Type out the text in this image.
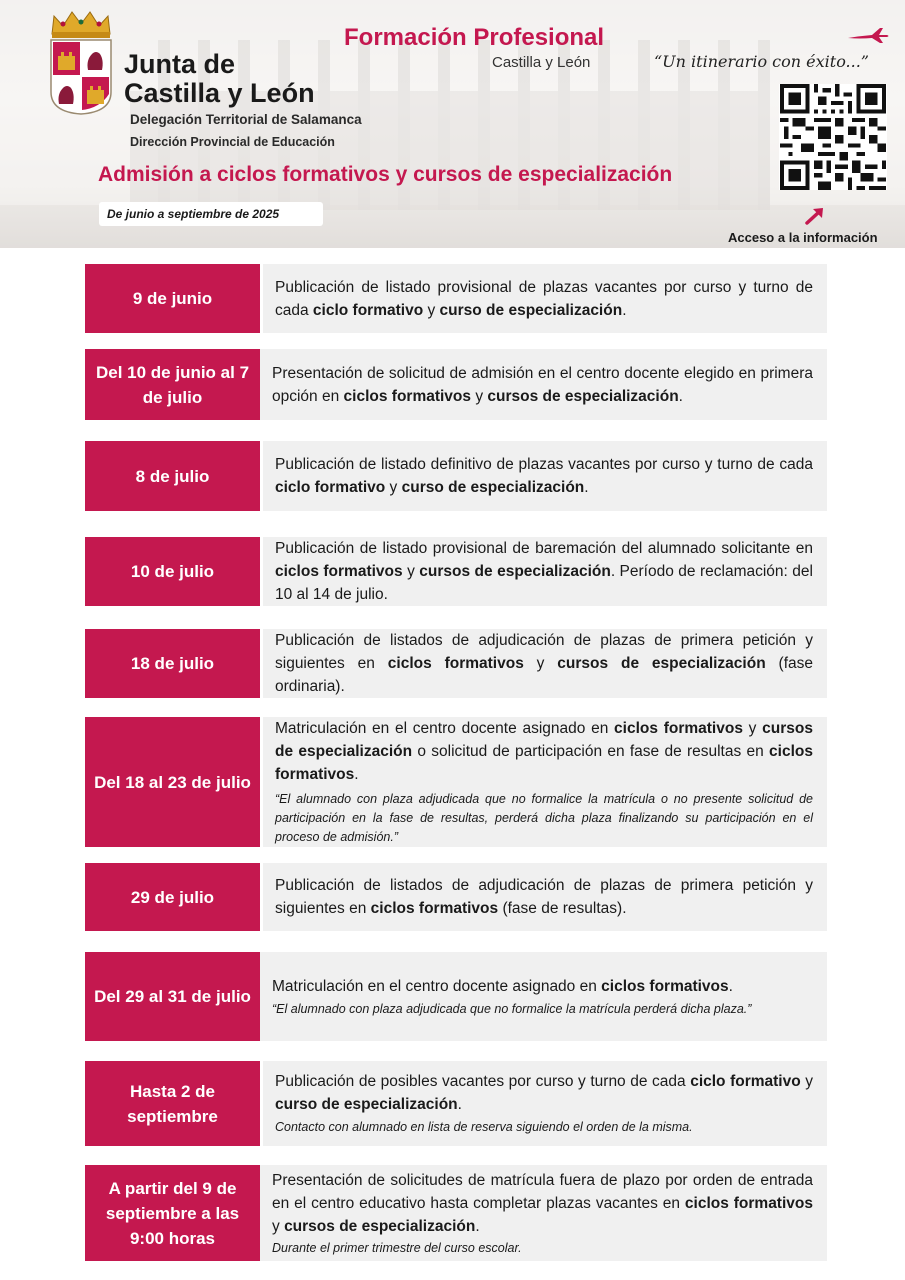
Junta de
Castilla y León
Delegación Territorial de Salamanca
Dirección Provincial de Educación
Formación Profesional
Castilla y León	“Un itinerario con éxito...”
Admisión a ciclos formativos y cursos de especialización
De junio a septiembre de 2025
Acceso a la información
9 de junio
Publicación de listado provisional de plazas vacantes por curso y turno de cada ciclo formativo y curso de especialización.
Del 10 de junio al 7 de julio
Presentación de solicitud de admisión en el centro docente elegido en primera opción en ciclos formativos y cursos de especialización.
8 de julio
Publicación de listado definitivo de plazas vacantes por curso y turno de cada ciclo formativo y curso de especialización.
10 de julio
Publicación de listado provisional de baremación del alumnado solicitante en ciclos formativos y cursos de especialización. Período de reclamación: del 10 al 14 de julio.
18 de julio
Publicación de listados de adjudicación de plazas de primera petición y siguientes en ciclos formativos y cursos de especialización (fase ordinaria).
Del 18 al 23 de julio
Matriculación en el centro docente asignado en ciclos formativos y cursos de especialización o solicitud de participación en fase de resultas en ciclos formativos.
“El alumnado con plaza adjudicada que no formalice la matrícula o no presente solicitud de participación en la fase de resultas, perderá dicha plaza finalizando su participación en el proceso de admisión.”
29 de julio
Publicación de listados de adjudicación de plazas de primera petición y siguientes en ciclos formativos (fase de resultas).
Del 29 al 31 de julio
Matriculación en el centro docente asignado en ciclos formativos.
“El alumnado con plaza adjudicada que no formalice la matrícula perderá dicha plaza.”
Hasta 2 de septiembre
Publicación de posibles vacantes por curso y turno de cada ciclo formativo y curso de especialización.
Contacto con alumnado en lista de reserva siguiendo el orden de la misma.
A partir del 9 de septiembre a las 9:00 horas
Presentación de solicitudes de matrícula fuera de plazo por orden de entrada en el centro educativo hasta completar plazas vacantes en ciclos formativos y cursos de especialización.
Durante el primer trimestre del curso escolar.
